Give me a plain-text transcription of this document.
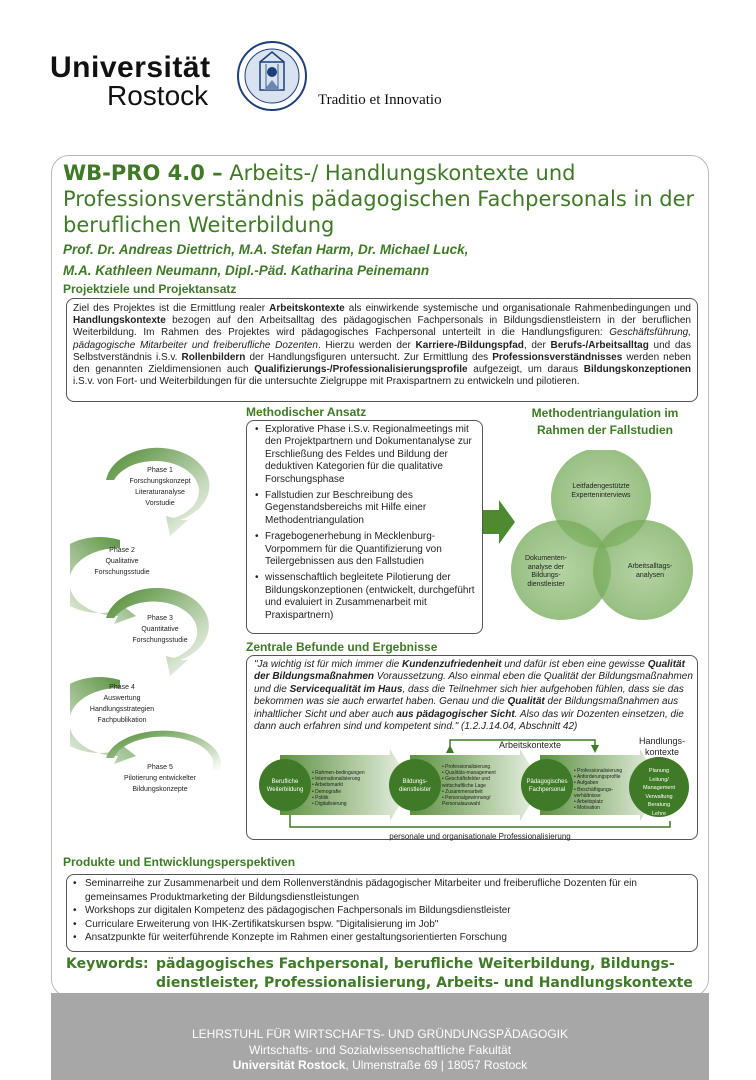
Universität
Rostock	Traditio et Innovatio
WB-PRO 4.0 – Arbeits-/ Handlungskontexte und Professionsverständnis pädagogischen Fachpersonals in der beruflichen Weiterbildung
Prof. Dr. Andreas Diettrich, M.A. Stefan Harm, Dr. Michael Luck,
M.A. Kathleen Neumann, Dipl.-Päd. Katharina Peinemann
Projektziele und Projektansatz
Ziel des Projektes ist die Ermittlung realer Arbeitskontexte als einwirkende systemische und organisationale Rahmenbedingungen und Handlungskontexte bezogen auf den Arbeitsalltag des pädagogischen Fachpersonals in Bildungsdienstleistern in der beruflichen Weiterbildung. Im Rahmen des Projektes wird pädagogisches Fachpersonal unterteilt in die Handlungsfiguren: Geschäftsführung, pädagogische Mitarbeiter und freiberufliche Dozenten. Hierzu werden der Karriere-/Bildungspfad, der Berufs-/Arbeitsalltag und das Selbstverständnis i.S.v. Rollenbildern der Handlungsfiguren untersucht. Zur Ermittlung des Professionsverständnisses werden neben den genannten Zieldimensionen auch Qualifizierungs-/Professionalisierungsprofile aufgezeigt, um daraus Bildungskonzeptionen i.S.v. von Fort- und Weiterbildungen für die untersuchte Zielgruppe mit Praxispartnern zu entwickeln und pilotieren.
Methodischer Ansatz
• Explorative Phase i.S.v. Regionalmeetings mit den Projektpartnern und Dokumentanalyse zur Erschließung des Feldes und Bildung der deduktiven Kategorien für die qualitative Forschungsphase
• Fallstudien zur Beschreibung des Gegenstandsbereichs mit Hilfe einer Methodentriangulation
• Fragebogenerhebung in Mecklenburg-Vorpommern für die Quantifizierung von Teilergebnissen aus den Fallstudien
• wissenschaftlich begleitete Pilotierung der Bildungskonzeptionen (entwickelt, durchgeführt und evaluiert in Zusammenarbeit mit Praxispartnern)
Phase 1
Forschungskonzept
Literaturanalyse
Vorstudie
Phase 2
Qualitative
Forschungsstudie
Phase 3
Quantitative
Forschungsstudie
Phase 4
Auswertung
Handlungsstrategien
Fachpublikation
Phase 5
Pilotierung entwickelter
Bildungskonzepte
Methodentriangulation im Rahmen der Fallstudien
Leitfadengestützte Experteninterviews
Dokumenten-analyse der Bildungs-dienstleister
Arbeitsalltags-analysen
Zentrale Befunde und Ergebnisse
"Ja wichtig ist für mich immer die Kundenzufriedenheit und dafür ist eben eine gewisse Qualität der Bildungsmaßnahmen Voraussetzung. Also einmal eben die Qualität der Bildungsmaßnahmen und die Servicequalität im Haus, dass die Teilnehmer sich hier aufgehoben fühlen, dass sie das bekommen was sie auch erwartet haben. Genau und die Qualität der Bildungsmaßnahmen aus inhaltlicher Sicht und aber auch aus pädagogischer Sicht. Also das wir Dozenten einsetzen, die dann auch erfahren sind und kompetent sind." (1.2.J.14.04, Abschnitt 42)
Arbeitskontexte	Handlungs-kontexte
personale und organisationale Professionalisierung
Berufliche Weiterbildung
Bildungs-dienstleister
Pädagogisches Fachpersonal
• Rahmen-bedingungen
• Internationalisierung
• Arbeitsmarkt
• Demografie
• Politik
• Digitalisierung
• Professionalisierung
• Qualitäts-management
• Geschäftsfelder und wirtschaftliche Lage
• Zusammenarbeit
• Personalgewinnung/ Personalauswahl
• Professionalisierung
• Anforderungsprofile
• Aufgaben
• Beschäftigungs-verhältnisse
• Arbeitsplatz
• Motivation
Planung
Leitung/
Management
Verwaltung
Beratung
Lehre
Produkte und Entwicklungsperspektiven
• Seminarreihe zur Zusammenarbeit und dem Rollenverständnis pädagogischer Mitarbeiter und freiberufliche Dozenten für ein gemeinsames Produktmarketing der Bildungsdienstleistungen
• Workshops zur digitalen Kompetenz des pädagogischen Fachpersonals im Bildungsdienstleister
• Curriculare Erweiterung von IHK-Zertifikatskursen bspw. "Digitalisierung im Job"
• Ansatzpunkte für weiterführende Konzepte im Rahmen einer gestaltungsorientierten Forschung
Keywords: pädagogisches Fachpersonal, berufliche Weiterbildung, Bildungs-
dienstleister, Professionalisierung, Arbeits- und Handlungskontexte
LEHRSTUHL FÜR WIRTSCHAFTS- UND GRÜNDUNGSPÄDAGOGIK
Wirtschafts- und Sozialwissenschaftliche Fakultät
Universität Rostock, Ulmenstraße 69 | 18057 Rostock
